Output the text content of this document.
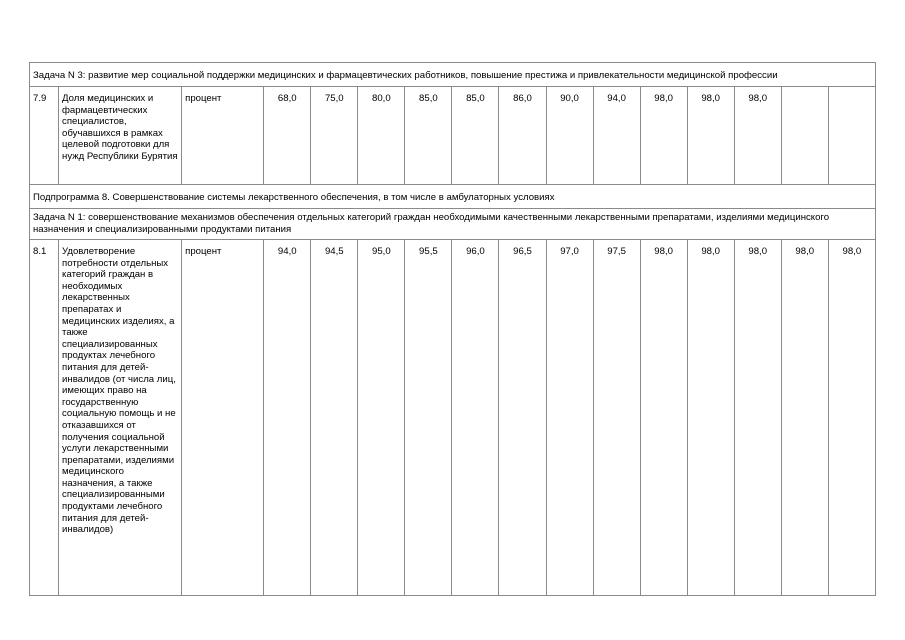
Задача N 3: развитие мер социальной поддержки медицинских и фармацевтических работников, повышение престижа и привлекательности медицинской профессии															
7.9	Доля медицинских и фармацевтических специалистов, обучавшихся в рамках целевой подготовки для нужд Республики Бурятия	процент	68,0	75,0	80,0	85,0	85,0	86,0	90,0	94,0	98,0	98,0	98,0		
Подпрограмма 8. Совершенствование системы лекарственного обеспечения, в том числе в амбулаторных условиях															
Задача N 1: совершенствование механизмов обеспечения отдельных категорий граждан необходимыми качественными лекарственными препаратами, изделиями медицинского назначения и специализированными продуктами питания															
8.1	Удовлетворение потребности отдельных категорий граждан в необходимых лекарственных препаратах и медицинских изделиях, а также специализированных продуктах лечебного питания для детей-инвалидов (от числа лиц, имеющих право на государственную социальную помощь и не отказавшихся от получения социальной услуги лекарственными препаратами, изделиями медицинского назначения, а также специализированными продуктами лечебного питания для детей-инвалидов)	процент	94,0	94,5	95,0	95,5	96,0	96,5	97,0	97,5	98,0	98,0	98,0	98,0	98,0
